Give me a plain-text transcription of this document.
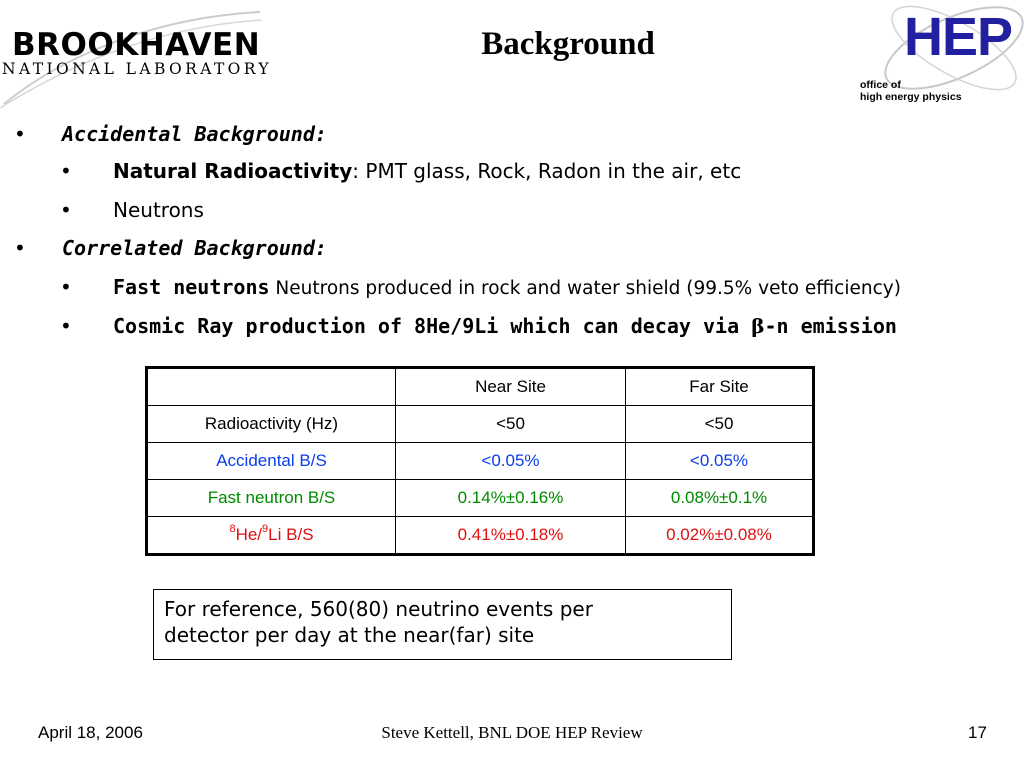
BROOKHAVEN
NATIONAL LABORATORY
Background	HEP
office of
high energy physics
• Accidental Background:
• Natural Radioactivity: PMT glass, Rock, Radon in the air, etc
• Neutrons
• Correlated Background:
• Fast neutrons Neutrons produced in rock and water shield (99.5% veto efficiency)
• Cosmic Ray production of 8He/9Li which can decay via β-n emission
	Near Site	Far Site
Radioactivity (Hz)	<50	<50
Accidental B/S	<0.05%	<0.05%
Fast neutron B/S	0.14%±0.16%	0.08%±0.1%
$^8$He/$^9$Li B/S	0.41%±0.18%	0.02%±0.08%
For reference, 560(80) neutrino events per
detector per day at the near(far) site
April 18, 2006	Steve Kettell, BNL DOE HEP Review	17
